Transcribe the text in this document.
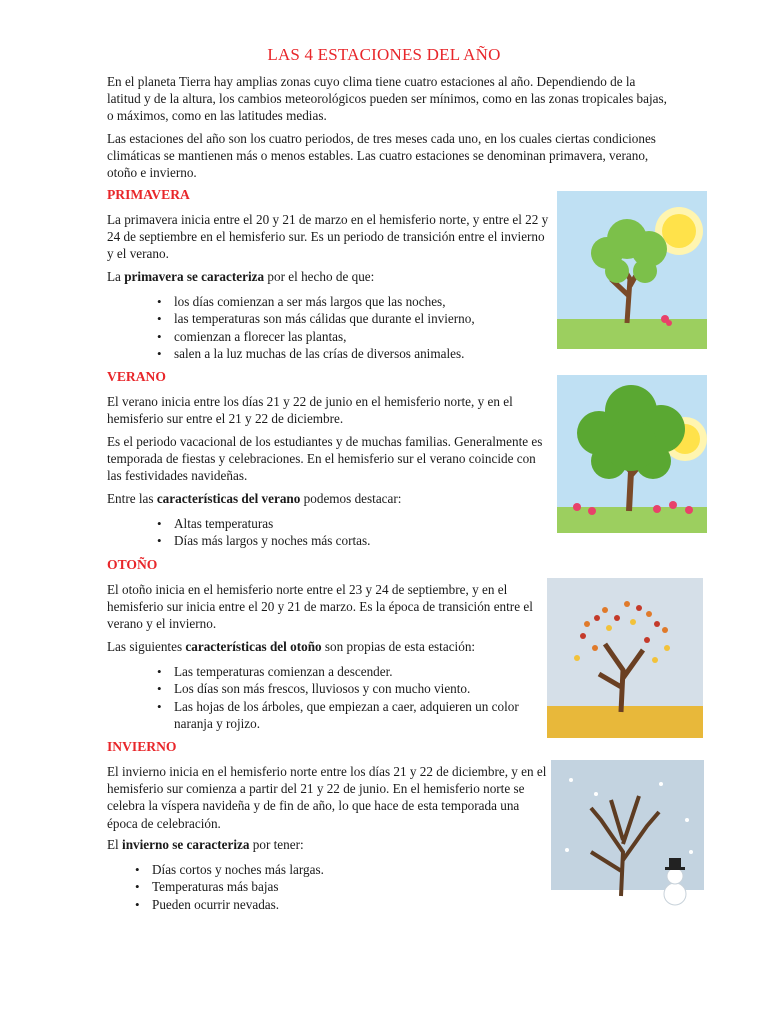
LAS 4 ESTACIONES DEL AÑO

En el planeta Tierra hay amplias zonas cuyo clima tiene cuatro estaciones al año. Dependiendo de la latitud y de la altura, los cambios meteorológicos pueden ser mínimos, como en las zonas tropicales bajas, o máximos, como en las latitudes medias.

Las estaciones del año son los cuatro periodos, de tres meses cada uno, en los cuales ciertas condiciones climáticas se mantienen más o menos estables. Las cuatro estaciones se denominan primavera, verano, otoño e invierno.

PRIMAVERA

La primavera inicia entre el 20 y 21 de marzo en el hemisferio norte, y entre el 22 y 24 de septiembre en el hemisferio sur. Es un periodo de transición entre el invierno y el verano.

La primavera se caracteriza por el hecho de que:

• los días comienzan a ser más largos que las noches,
• las temperaturas son más cálidas que durante el invierno,
• comienzan a florecer las plantas,
• salen a la luz muchas de las crías de diversos animales.
VERANO

El verano inicia entre los días 21 y 22 de junio en el hemisferio norte, y en el hemisferio sur entre el 21 y 22 de diciembre.

Es el periodo vacacional de los estudiantes y de muchas familias. Generalmente es temporada de fiestas y celebraciones. En el hemisferio sur el verano coincide con las festividades navideñas.

Entre las características del verano podemos destacar:

• Altas temperaturas
• Días más largos y noches más cortas.
OTOÑO

El otoño inicia en el hemisferio norte entre el 23 y 24 de septiembre, y en el hemisferio sur inicia entre el 20 y 21 de marzo. Es la época de transición entre el verano y el invierno.

Las siguientes características del otoño son propias de esta estación:

• Las temperaturas comienzan a descender.
• Los días son más frescos, lluviosos y con mucho viento.
• Las hojas de los árboles, que empiezan a caer, adquieren un color naranja y rojizo.
INVIERNO

El invierno inicia en el hemisferio norte entre los días 21 y 22 de diciembre, y en el hemisferio sur comienza a partir del 21 y 22 de junio. En el hemisferio norte se celebra la víspera navideña y de fin de año, lo que hace de esta temporada una época de celebración.

El invierno se caracteriza por tener:

• Días cortos y noches más largas.
• Temperaturas más bajas
• Pueden ocurrir nevadas.
